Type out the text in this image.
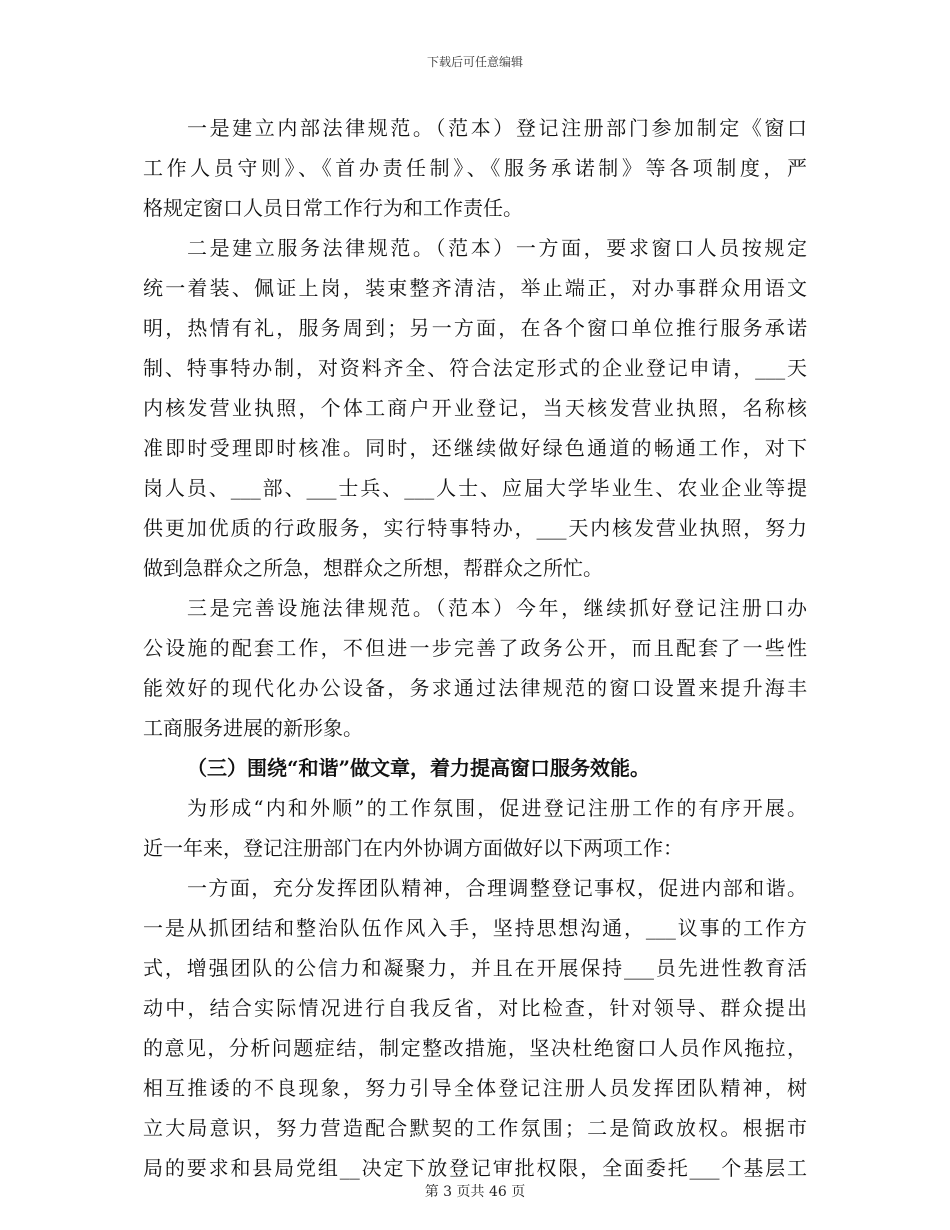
下载后可任意编辑
一是建立内部法律规范。（范本）登记注册部门参加制定《窗口
工作人员守则》、《首办责任制》、《服务承诺制》等各项制度，严
格规定窗口人员日常工作行为和工作责任。
二是建立服务法律规范。（范本）一方面，要求窗口人员按规定
统一着装、佩证上岗，装束整齐清洁，举止端正，对办事群众用语文
明，热情有礼，服务周到；另一方面，在各个窗口单位推行服务承诺
制、特事特办制，对资料齐全、符合法定形式的企业登记申请，___天
内核发营业执照，个体工商户开业登记，当天核发营业执照，名称核
准即时受理即时核准。同时，还继续做好绿色通道的畅通工作，对下
岗人员、___部、___士兵、___人士、应届大学毕业生、农业企业等提
供更加优质的行政服务，实行特事特办，___天内核发营业执照，努力
做到急群众之所急，想群众之所想，帮群众之所忙。
三是完善设施法律规范。（范本）今年，继续抓好登记注册口办
公设施的配套工作，不但进一步完善了政务公开，而且配套了一些性
能效好的现代化办公设备，务求通过法律规范的窗口设置来提升海丰
工商服务进展的新形象。
（三）围绕“和谐”做文章，着力提高窗口服务效能。
为形成“内和外顺”的工作氛围，促进登记注册工作的有序开展。
近一年来，登记注册部门在内外协调方面做好以下两项工作：
一方面，充分发挥团队精神，合理调整登记事权，促进内部和谐。
一是从抓团结和整治队伍作风入手，坚持思想沟通，___议事的工作方
式，增强团队的公信力和凝聚力，并且在开展保持___员先进性教育活
动中，结合实际情况进行自我反省，对比检查，针对领导、群众提出
的意见，分析问题症结，制定整改措施，坚决杜绝窗口人员作风拖拉，
相互推诿的不良现象，努力引导全体登记注册人员发挥团队精神，树
立大局意识，努力营造配合默契的工作氛围；二是简政放权。根据市
局的要求和县局党组__决定下放登记审批权限，全面委托___个基层工
第 3 页共 46 页
